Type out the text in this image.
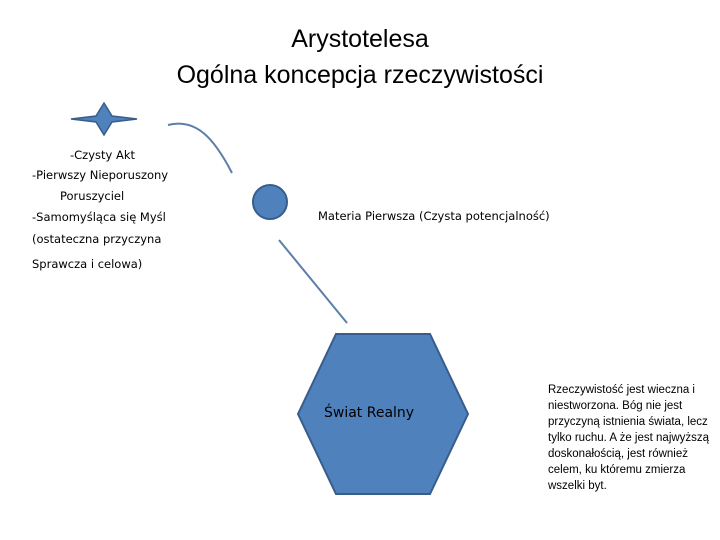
Arystotelesa
Ogólna koncepcja rzeczywistości
-Czysty Akt
-Pierwszy Nieporuszony
Poruszyciel
-Samomyśląca się Myśl
(ostateczna przyczyna
Sprawcza i celowa)
Materia Pierwsza (Czysta potencjalność)
Świat Realny
Rzeczywistość jest wieczna i niestworzona. Bóg nie jest przyczyną istnienia świata, lecz tylko ruchu. A że jest najwyższą doskonałością, jest również celem, ku któremu zmierza wszelki byt.
